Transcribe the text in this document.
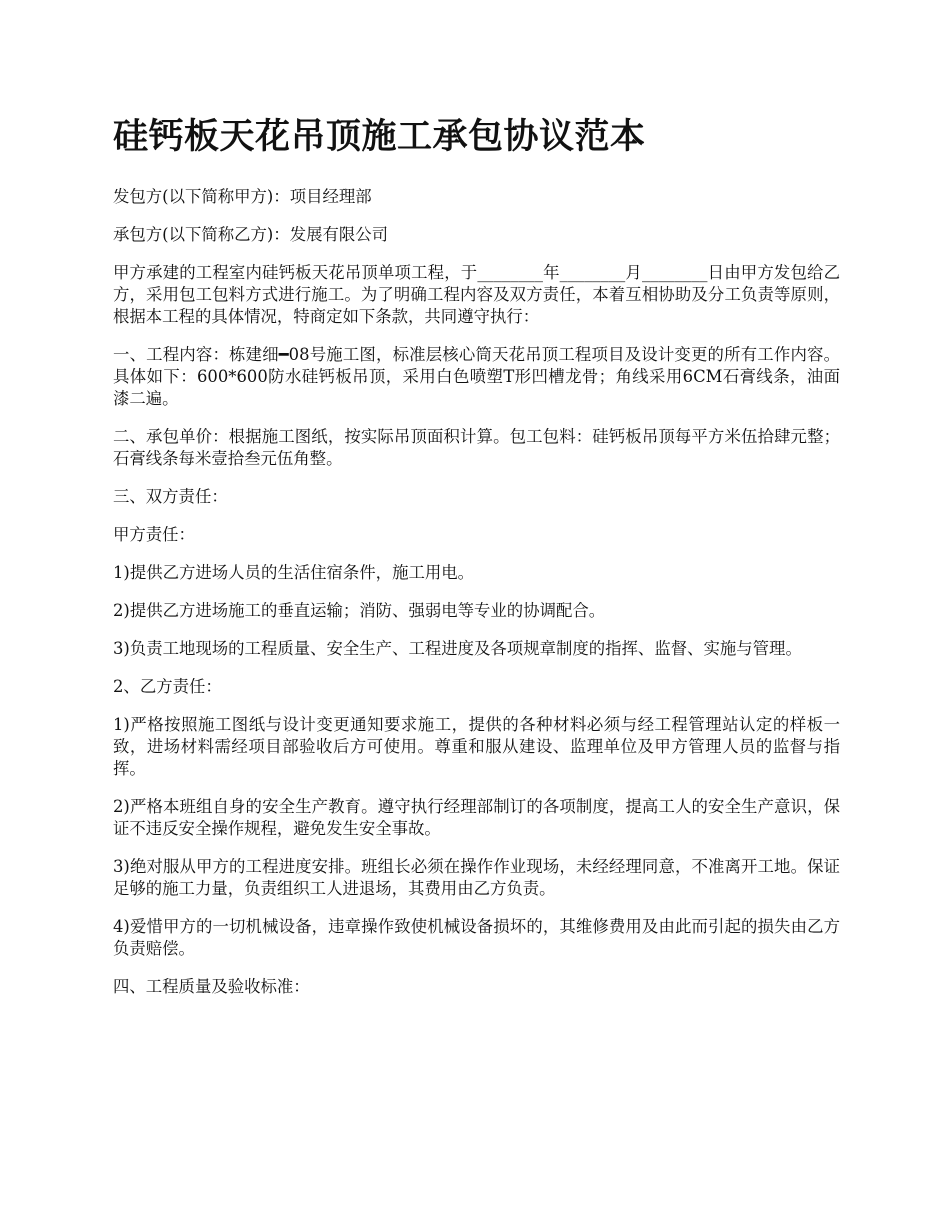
硅钙板天花吊顶施工承包协议范本

发包方(以下简称甲方)：项目经理部

承包方(以下简称乙方)：发展有限公司

甲方承建的工程室内硅钙板天花吊顶单项工程，于________年________月________日由甲方发包给乙方，采用包工包料方式进行施工。为了明确工程内容及双方责任，本着互相协助及分工负责等原则，根据本工程的具体情况，特商定如下条款，共同遵守执行：

一、工程内容：栋建细━08号施工图，标准层核心筒天花吊顶工程项目及设计变更的所有工作内容。具体如下：600*600防水硅钙板吊顶，采用白色喷塑T形凹槽龙骨；角线采用6CM石膏线条，油面漆二遍。

二、承包单价：根据施工图纸，按实际吊顶面积计算。包工包料：硅钙板吊顶每平方米伍拾肆元整；石膏线条每米壹拾叁元伍角整。

三、双方责任：

甲方责任：

1)提供乙方进场人员的生活住宿条件，施工用电。

2)提供乙方进场施工的垂直运输；消防、强弱电等专业的协调配合。

3)负责工地现场的工程质量、安全生产、工程进度及各项规章制度的指挥、监督、实施与管理。

2、乙方责任：

1)严格按照施工图纸与设计变更通知要求施工，提供的各种材料必须与经工程管理站认定的样板一致，进场材料需经项目部验收后方可使用。尊重和服从建设、监理单位及甲方管理人员的监督与指挥。

2)严格本班组自身的安全生产教育。遵守执行经理部制订的各项制度，提高工人的安全生产意识，保证不违反安全操作规程，避免发生安全事故。

3)绝对服从甲方的工程进度安排。班组长必须在操作作业现场，未经经理同意，不准离开工地。保证足够的施工力量，负责组织工人进退场，其费用由乙方负责。

4)爱惜甲方的一切机械设备，违章操作致使机械设备损坏的，其维修费用及由此而引起的损失由乙方负责赔偿。

四、工程质量及验收标准：
